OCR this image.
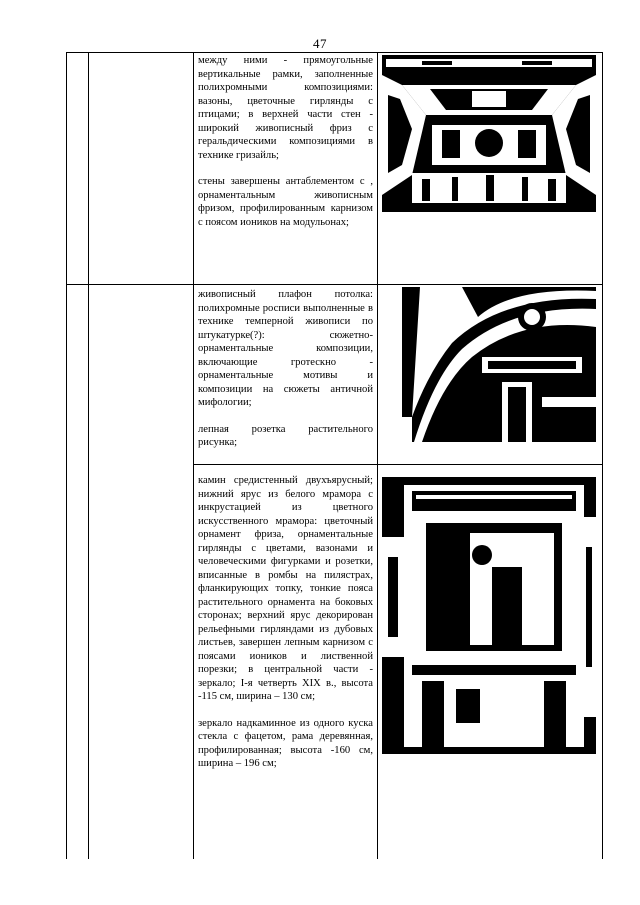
47

между ними - прямоугольные вертикальные рамки, заполненные полихромными композициями: вазоны, цветочные гирлянды с птицами; в верхней части стен - широкий живописный фриз с геральдическими композициями в технике гризайль;

стены завершены антаблементом с , орнаментальным живописным фризом, профилированным карнизом с поясом иоников на модульонах;

живописный плафон потолка: полихромные росписи выполненные в технике темперной живописи по штукатурке(?): сюжетно-орнаментальные композиции, включающие гротескно - орнаментальные мотивы и композиции на сюжеты античной мифологии;

лепная розетка растительного рисунка;

камин средистенный двухъярусный; нижний ярус из белого мрамора с инкрустацией из цветного искусственного мрамора: цветочный орнамент фриза, орнаментальные гирлянды с цветами, вазонами и человеческими фигурками и розетки, вписанные в ромбы на пилястрах, фланкирующих топку, тонкие пояса растительного орнамента на боковых сторонах; верхний ярус декорирован рельефными гирляндами из дубовых листьев, завершен лепным карнизом с поясами иоников и лиственной порезки; в центральной части - зеркало; I-я четверть XIX в., высота -115 см, ширина – 130 см;

зеркало надкаминное из одного куска стекла с фацетом, рама деревянная, профилированная; высота -160 см, ширина – 196 см;
